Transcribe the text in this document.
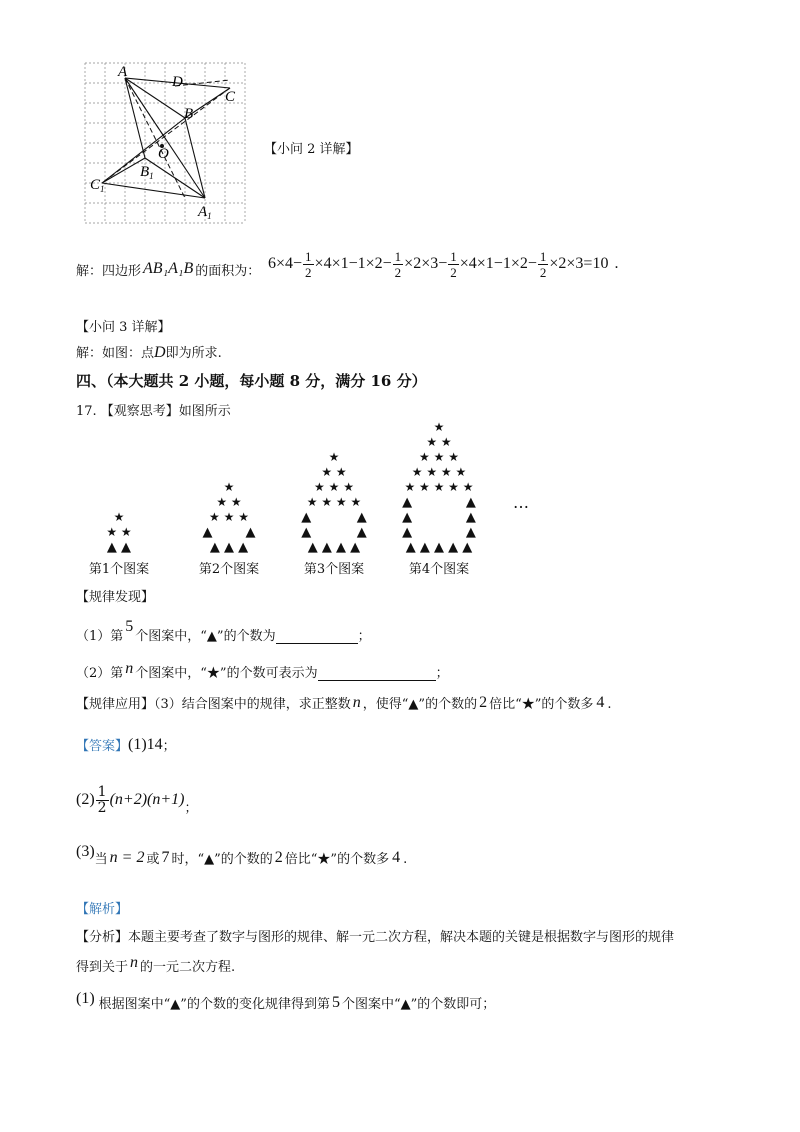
A
D
C
B
O
$C_1$
$B_1$
$A_1$
【小问 2 详解】
解：四边形 AB₁A₁B 的面积为： $6\times 4- \frac{1}{2} \times 4\times 1-1\times 2- \frac{1}{2} \times 2\times 3- \frac{1}{2} \times 4\times 1-1\times 2- \frac{1}{2} \times 2\times 3=10$ .
【小问 3 详解】
解：如图：点D即为所求.
四、（本大题共 2 小题，每小题 8 分，满分 16 分）
17. 【观察思考】如图所示
★
★ ★
▲ ▲
第1个图案
★
★ ★
★ ★ ★
▲        ▲
▲ ▲ ▲
第2个图案
★
★ ★
★ ★ ★
★ ★ ★ ★
▲           ▲
▲           ▲
▲ ▲ ▲ ▲
第3个图案
★
★ ★
★ ★ ★
★ ★ ★ ★
★ ★ ★ ★ ★
▲             ▲
▲             ▲
▲             ▲
▲ ▲ ▲ ▲ ▲
第4个图案
…
【规律发现】
（1）第
5
个图案中，“▲”的个数为	；
（2）第 n 个图案中，“★”的个数可表示为	；
【规律应用】（3）结合图案中的规律，求正整数 n ，使得“▲”的个数的 2 倍比“★”的个数多 4 .
【答案】 (1)14 ；
$(2) \frac{1}{2} (n+2)(n+1)$ ；
(3) 当 n = 2 或 7 时，“▲”的个数的 2 倍比“★”的个数多 4 .
【解析】
【分析】本题主要考查了数字与图形的规律、解一元二次方程，解决本题的关键是根据数字与图形的规律
得到关于 n 的一元二次方程.
(1) 根据图案中“▲”的个数的变化规律得到第 5 个图案中“▲”的个数即可；
